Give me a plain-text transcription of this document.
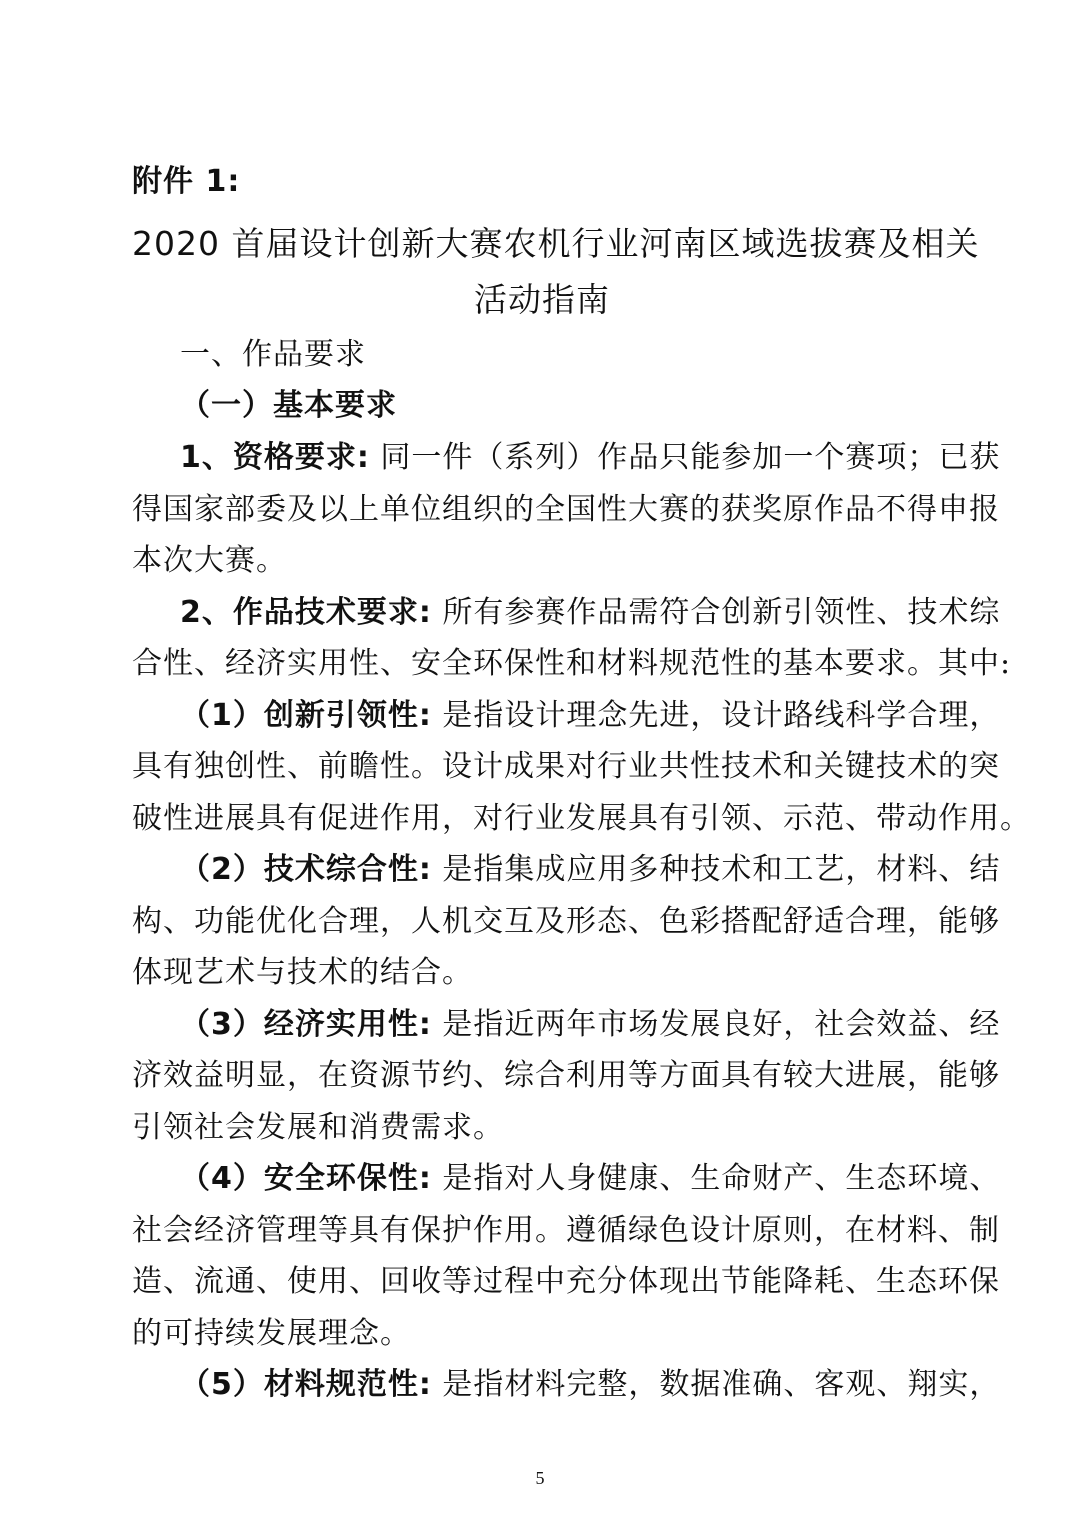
附件 1:
2020 首届设计创新大赛农机行业河南区域选拔赛及相关
活动指南
一、作品要求
（一）基本要求
1、资格要求: 同一件（系列）作品只能参加一个赛项；已获
得国家部委及以上单位组织的全国性大赛的获奖原作品不得申报
本次大赛。
2、作品技术要求: 所有参赛作品需符合创新引领性、技术综
合性、经济实用性、安全环保性和材料规范性的基本要求。其中:
（1）创新引领性: 是指设计理念先进，设计路线科学合理，
具有独创性、前瞻性。设计成果对行业共性技术和关键技术的突
破性进展具有促进作用，对行业发展具有引领、示范、带动作用。
（2）技术综合性: 是指集成应用多种技术和工艺，材料、结
构、功能优化合理，人机交互及形态、色彩搭配舒适合理，能够
体现艺术与技术的结合。
（3）经济实用性: 是指近两年市场发展良好，社会效益、经
济效益明显，在资源节约、综合利用等方面具有较大进展，能够
引领社会发展和消费需求。
（4）安全环保性: 是指对人身健康、生命财产、生态环境、
社会经济管理等具有保护作用。遵循绿色设计原则，在材料、制
造、流通、使用、回收等过程中充分体现出节能降耗、生态环保
的可持续发展理念。
（5）材料规范性: 是指材料完整，数据准确、客观、翔实，
5
